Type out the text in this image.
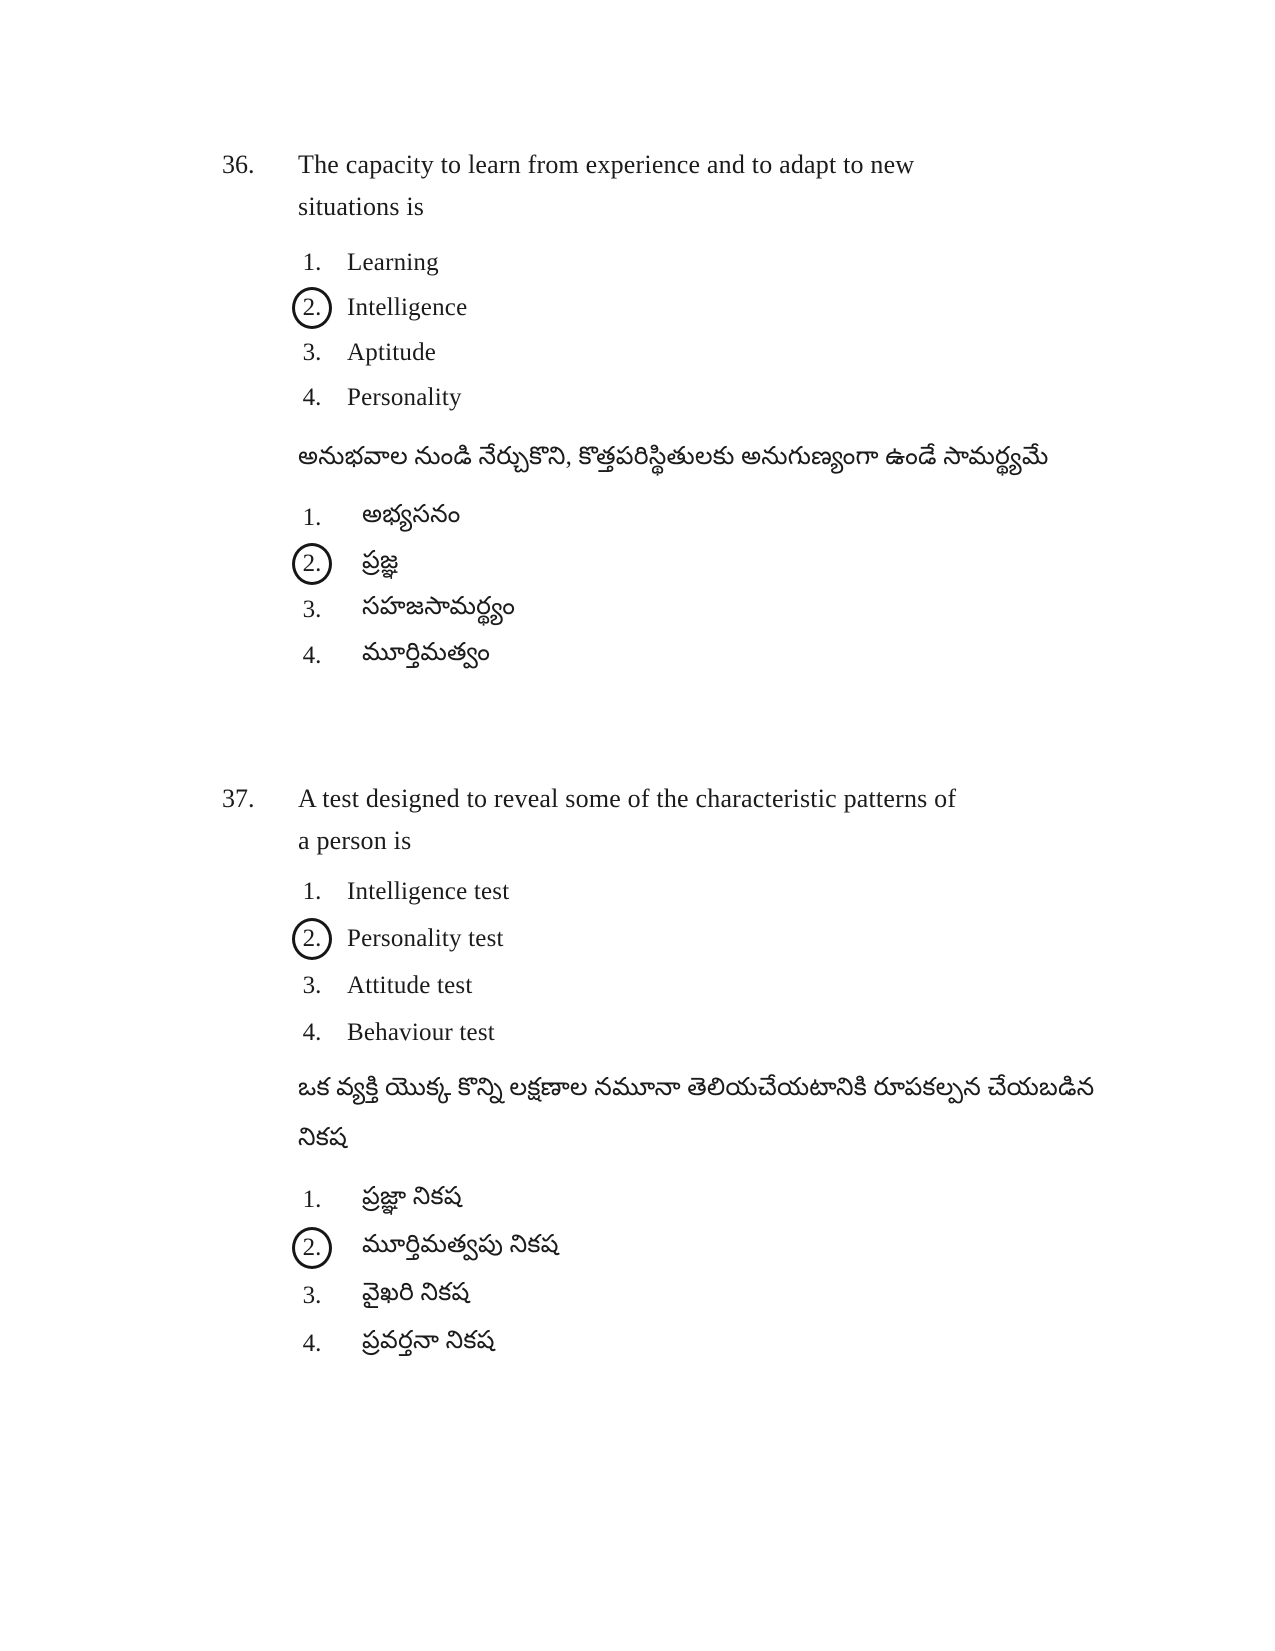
36.	The capacity to learn from experience and to adapt to new situations is
1.	Learning
2.	Intelligence
3.	Aptitude
4.	Personality
అనుభవాల నుండి నేర్చుకొని, కొత్తపరిస్థితులకు అనుగుణ్యంగా ఉండే సామర్థ్యమే
1.	అభ్యసనం
2.	ప్రజ్ఞ
3.	సహజసామర్థ్యం
4.	మూర్తిమత్వం
37.	A test designed to reveal some of the characteristic patterns of a person is
1.	Intelligence test
2.	Personality test
3.	Attitude test
4.	Behaviour test
ఒక వ్యక్తి యొక్క కొన్ని లక్షణాల నమూనా తెలియచేయటానికి రూపకల్పన చేయబడిన నికష
1.	ప్రజ్ఞా నికష
2.	మూర్తిమత్వపు నికష
3.	వైఖరి నికష
4.	ప్రవర్తనా నికష
